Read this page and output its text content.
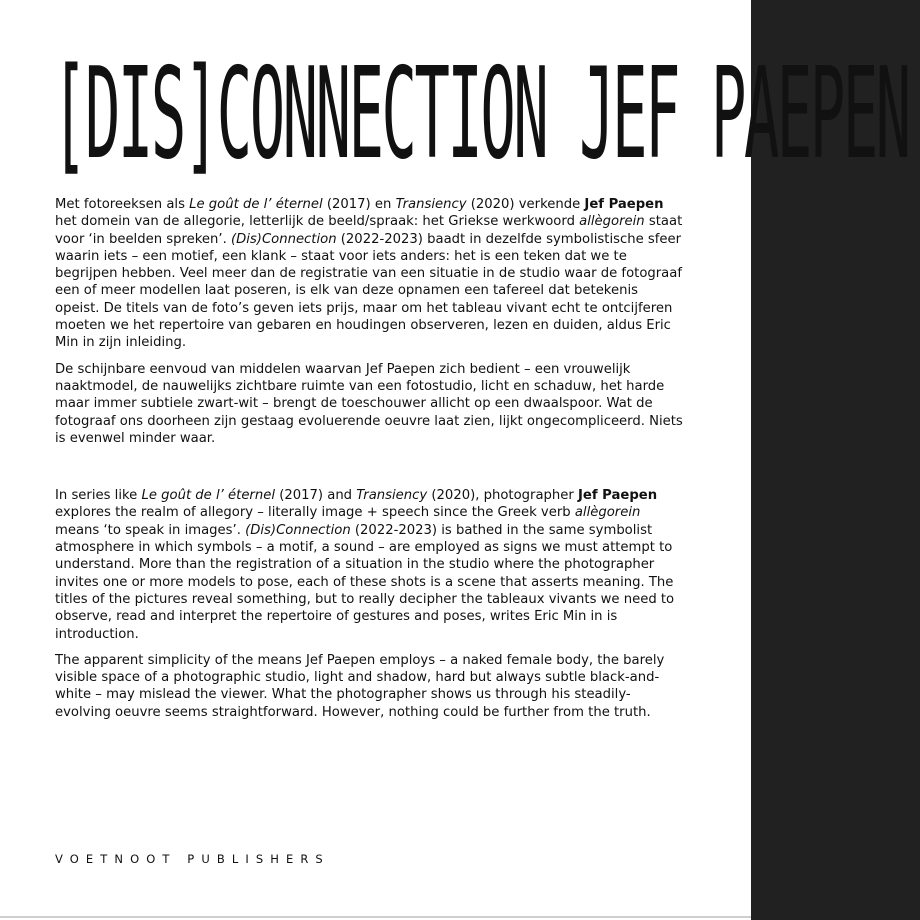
[DIS]CONNECTION JEF PAEPEN

Met fotoreeksen als Le goût de l’ éternel (2017) en Transiency (2020) verkende Jef Paepen het domein van de allegorie, letterlijk de beeld/spraak: het Griekse werkwoord allègorein staat voor ‘in beelden spreken’. (Dis)Connection (2022-2023) baadt in dezelfde symbolistische sfeer waarin iets – een motief, een klank – staat voor iets anders: het is een teken dat we te begrijpen hebben. Veel meer dan de registratie van een situatie in de studio waar de fotograaf een of meer modellen laat poseren, is elk van deze opnamen een tafereel dat betekenis opeist. De titels van de foto’s geven iets prijs, maar om het tableau vivant echt te ontcijferen moeten we het repertoire van gebaren en houdingen observeren, lezen en duiden, aldus Eric Min in zijn inleiding.

De schijnbare eenvoud van middelen waarvan Jef Paepen zich bedient – een vrouwelijk naaktmodel, de nauwelijks zichtbare ruimte van een fotostudio, licht en schaduw, het harde maar immer subtiele zwart-wit – brengt de toeschouwer allicht op een dwaalspoor. Wat de fotograaf ons doorheen zijn gestaag evoluerende oeuvre laat zien, lijkt ongecompliceerd. Niets is evenwel minder waar.

In series like Le goût de l’ éternel (2017) and Transiency (2020), photographer Jef Paepen explores the realm of allegory – literally image + speech since the Greek verb allègorein means ‘to speak in images’. (Dis)Connection (2022-2023) is bathed in the same symbolist atmosphere in which symbols – a motif, a sound – are employed as signs we must attempt to understand. More than the registration of a situation in the studio where the photographer invites one or more models to pose, each of these shots is a scene that asserts meaning. The titles of the pictures reveal something, but to really decipher the tableaux vivants we need to observe, read and interpret the repertoire of gestures and poses, writes Eric Min in is introduction.

The apparent simplicity of the means Jef Paepen employs – a naked female body, the barely visible space of a photographic studio, light and shadow, hard but always subtle black-and-white – may mislead the viewer. What the photographer shows us through his steadily-evolving oeuvre seems straightforward. However, nothing could be further from the truth.

VOETNOOT PUBLISHERS
